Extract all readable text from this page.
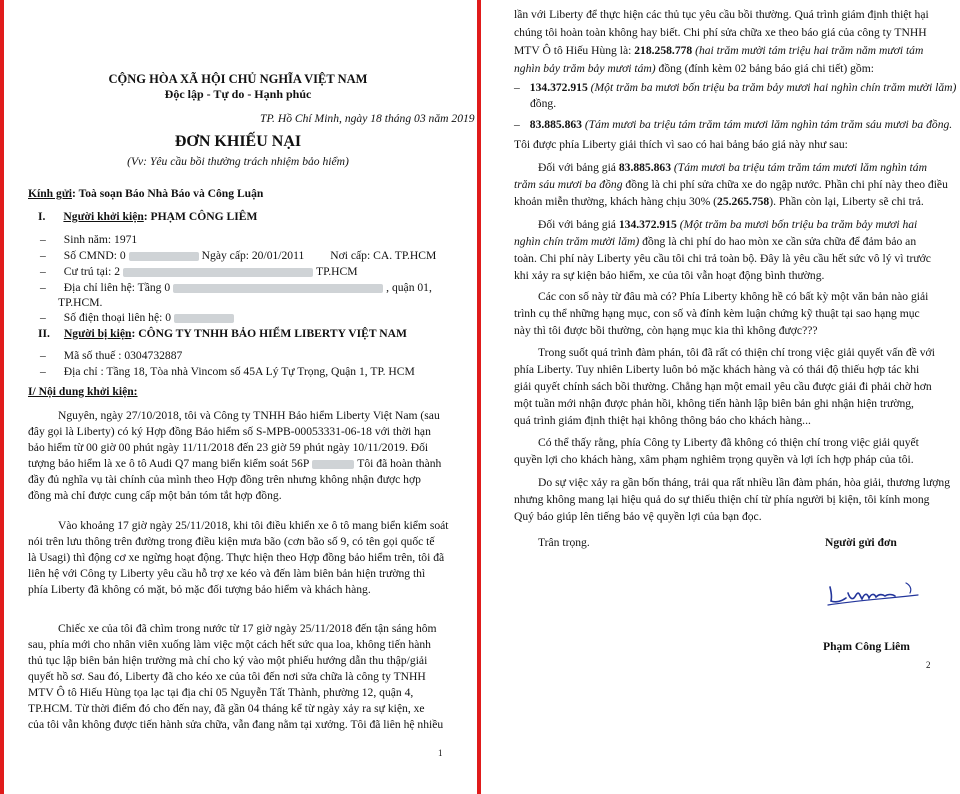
CỘNG HÒA XÃ HỘI CHỦ NGHĨA VIỆT NAM
Độc lập - Tự do - Hạnh phúc
TP. Hồ Chí Minh, ngày 18 tháng 03 năm 2019
ĐƠN KHIẾU NẠI
(Vv: Yêu cầu bồi thường trách nhiệm bảo hiểm)
Kính gửi: Toà soạn Báo Nhà Báo và Công Luận
I. Người khởi kiện: PHẠM CÔNG LIÊM
– Sinh năm: 1971
– Số CMND: 0	Ngày cấp: 20/01/2011 Nơi cấp: CA. TP.HCM
– Cư trú tại: 2	TP.HCM
– Địa chỉ liên hệ: Tầng 0	, quận 01,
TP.HCM.
– Số điện thoại liên hệ: 0
II. Người bị kiện: CÔNG TY TNHH BẢO HIỂM LIBERTY VIỆT NAM
– Mã số thuế : 0304732887
– Địa chỉ : Tầng 18, Tòa nhà Vincom số 45A Lý Tự Trọng, Quận 1, TP. HCM
I/ Nội dung khởi kiện:
Nguyên, ngày 27/10/2018, tôi và Công ty TNHH Bảo hiểm Liberty Việt Nam (sau
đây gọi là Liberty) có ký Hợp đồng Bảo hiểm số S-MPB-00053331-06-18 với thời hạn
bảo hiểm từ 00 giờ 00 phút ngày 11/11/2018 đến 23 giờ 59 phút ngày 10/11/2019. Đối
tượng bảo hiểm là xe ô tô Audi Q7 mang biển kiểm soát 56P	Tôi đã hoàn thành
đầy đủ nghĩa vụ tài chính của mình theo Hợp đồng trên nhưng không nhận được hợp
đồng mà chỉ được cung cấp một bản tóm tắt hợp đồng.
Vào khoảng 17 giờ ngày 25/11/2018, khi tôi điều khiển xe ô tô mang biển kiểm soát
nói trên lưu thông trên đường trong điều kiện mưa bão (cơn bão số 9, có tên gọi quốc tế
là Usagi) thì động cơ xe ngừng hoạt động. Thực hiện theo Hợp đồng bảo hiểm trên, tôi đã
liên hệ với Công ty Liberty yêu cầu hỗ trợ xe kéo và đến làm biên bản hiện trường thì
phía Liberty đã không có mặt, bỏ mặc đối tượng bảo hiểm và khách hàng.
Chiếc xe của tôi đã chìm trong nước từ 17 giờ ngày 25/11/2018 đến tận sáng hôm
sau, phía mới cho nhân viên xuống làm việc một cách hết sức qua loa, không tiến hành
thủ tục lập biên bản hiện trường mà chỉ cho ký vào một phiếu hướng dẫn thu thập/giải
quyết hồ sơ. Sau đó, Liberty đã cho kéo xe của tôi đến nơi sửa chữa là công ty TNHH
MTV Ô tô Hiếu Hùng tọa lạc tại địa chỉ 05 Nguyễn Tất Thành, phường 12, quận 4,
TP.HCM. Từ thời điểm đó cho đến nay, đã gần 04 tháng kể từ ngày xảy ra sự kiện, xe
của tôi vẫn không được tiến hành sửa chữa, vẫn đang nằm tại xưởng. Tôi đã liên hệ nhiều
1
lần với Liberty để thực hiện các thủ tục yêu cầu bồi thường. Quá trình giám định thiệt hại
chúng tôi hoàn toàn không hay biết. Chi phí sửa chữa xe theo báo giá của công ty TNHH
MTV Ô tô Hiếu Hùng là: 218.258.778 (hai trăm mười tám triệu hai trăm năm mươi tám
nghìn bảy trăm bảy mươi tám) đồng (đính kèm 02 bảng báo giá chi tiết) gồm:
– 134.372.915 (Một trăm ba mươi bốn triệu ba trăm bảy mươi hai nghìn chín trăm mười lăm)
đồng.
– 83.885.863 (Tám mươi ba triệu tám trăm tám mươi lăm nghìn tám trăm sáu mươi ba đồng.
Tôi được phía Liberty giải thích vì sao có hai bảng báo giá này như sau:
Đối với bảng giá 83.885.863 (Tám mươi ba triệu tám trăm tám mươi lăm nghìn tám
trăm sáu mươi ba đồng đồng là chi phí sửa chữa xe do ngập nước. Phần chi phí này theo điều
khoản miễn thường, khách hàng chịu 30% (25.265.758). Phần còn lại, Liberty sẽ chi trả.
Đối với bảng giá 134.372.915 (Một trăm ba mươi bốn triệu ba trăm bảy mươi hai
nghìn chín trăm mười lăm) đồng là chi phí do hao mòn xe cần sửa chữa để đảm bảo an
toàn. Chi phí này Liberty yêu cầu tôi chi trả toàn bộ. Đây là yêu cầu hết sức vô lý vì trước
khi xảy ra sự kiện bảo hiểm, xe của tôi vẫn hoạt động bình thường.
Các con số này từ đâu mà có? Phía Liberty không hề có bất kỳ một văn bản nào giải
trình cụ thể những hạng mục, con số và đính kèm luận chứng kỹ thuật tại sao hạng mục
này thì tôi được bồi thường, còn hạng mục kia thì không được???
Trong suốt quá trình đàm phán, tôi đã rất có thiện chí trong việc giải quyết vấn đề với
phía Liberty. Tuy nhiên Liberty luôn bỏ mặc khách hàng và có thái độ thiếu hợp tác khi
giải quyết chính sách bồi thường. Chẳng hạn một email yêu cầu được giải đi phải chờ hơn
một tuần mới nhận được phản hồi, không tiến hành lập biên bản ghi nhận hiện trường,
quá trình giám định thiệt hại không thông báo cho khách hàng...
Có thể thấy rằng, phía Công ty Liberty đã không có thiện chí trong việc giải quyết
quyền lợi cho khách hàng, xâm phạm nghiêm trọng quyền và lợi ích hợp pháp của tôi.
Do sự việc xảy ra gần bốn tháng, trải qua rất nhiều lần đàm phán, hòa giải, thương lượng
nhưng không mang lại hiệu quả do sự thiếu thiện chí từ phía người bị kiện, tôi kính mong
Quý báo giúp lên tiếng bảo vệ quyền lợi của bạn đọc.
Trân trọng.	Người gửi đơn
Phạm Công Liêm
2
